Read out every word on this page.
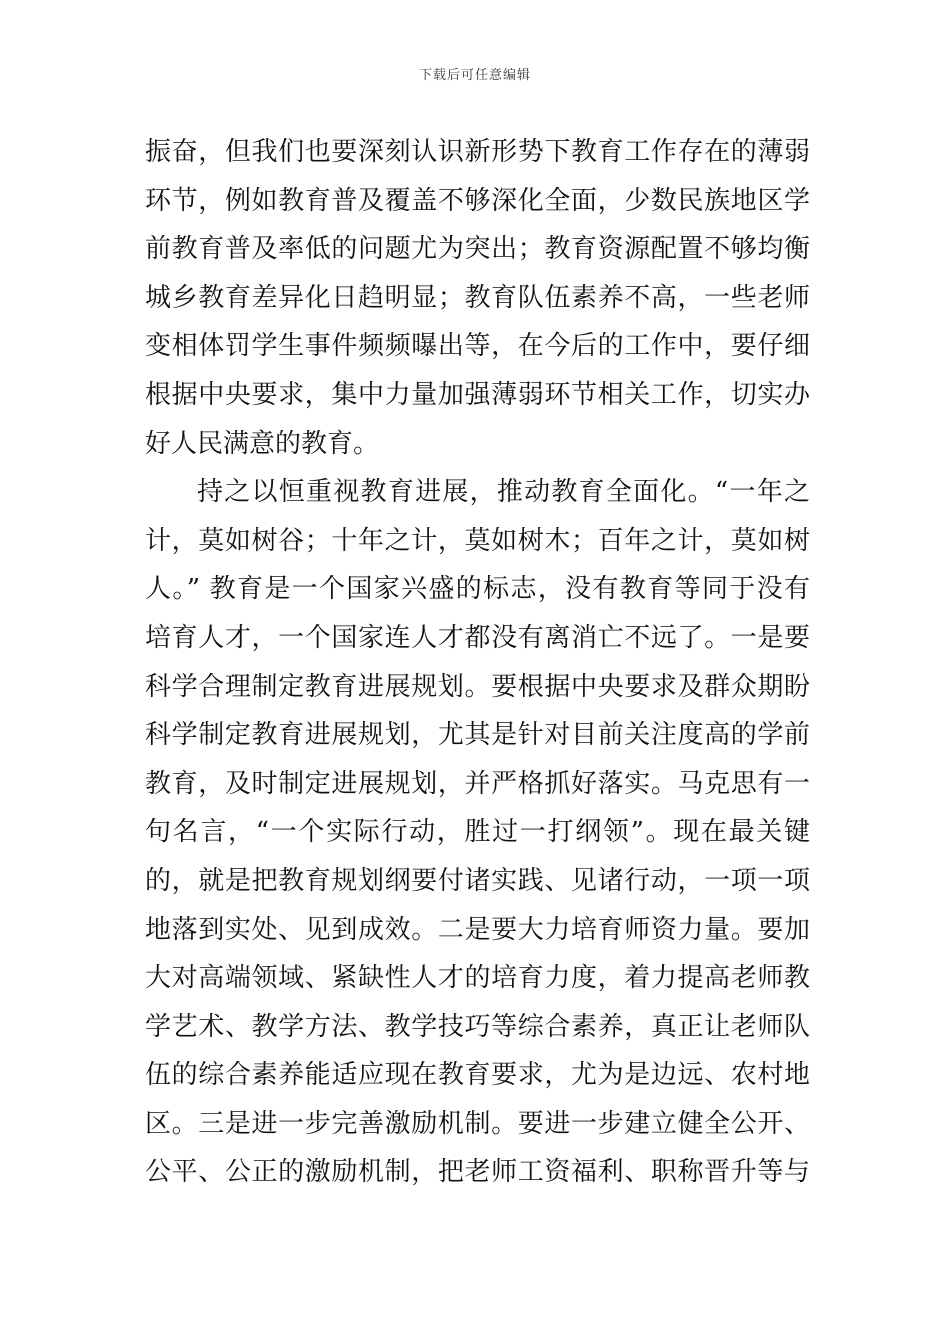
下载后可任意编辑
振奋，但我们也要深刻认识新形势下教育工作存在的薄弱
环节，例如教育普及覆盖不够深化全面，少数民族地区学
前教育普及率低的问题尤为突出；教育资源配置不够均衡
城乡教育差异化日趋明显；教育队伍素养不高，一些老师
变相体罚学生事件频频曝出等，在今后的工作中，要仔细
根据中央要求，集中力量加强薄弱环节相关工作，切实办
好人民满意的教育。
持之以恒重视教育进展，推动教育全面化。“一年之
计，莫如树谷；十年之计，莫如树木；百年之计，莫如树
人。” 教育是一个国家兴盛的标志，没有教育等同于没有
培育人才，一个国家连人才都没有离消亡不远了。一是要
科学合理制定教育进展规划。要根据中央要求及群众期盼
科学制定教育进展规划，尤其是针对目前关注度高的学前
教育，及时制定进展规划，并严格抓好落实。马克思有一
句名言，“一个实际行动，胜过一打纲领”。现在最关键
的，就是把教育规划纲要付诸实践、见诸行动，一项一项
地落到实处、见到成效。二是要大力培育师资力量。要加
大对高端领域、紧缺性人才的培育力度，着力提高老师教
学艺术、教学方法、教学技巧等综合素养，真正让老师队
伍的综合素养能适应现在教育要求，尤为是边远、农村地
区。三是进一步完善激励机制。要进一步建立健全公开、
公平、公正的激励机制，把老师工资福利、职称晋升等与
